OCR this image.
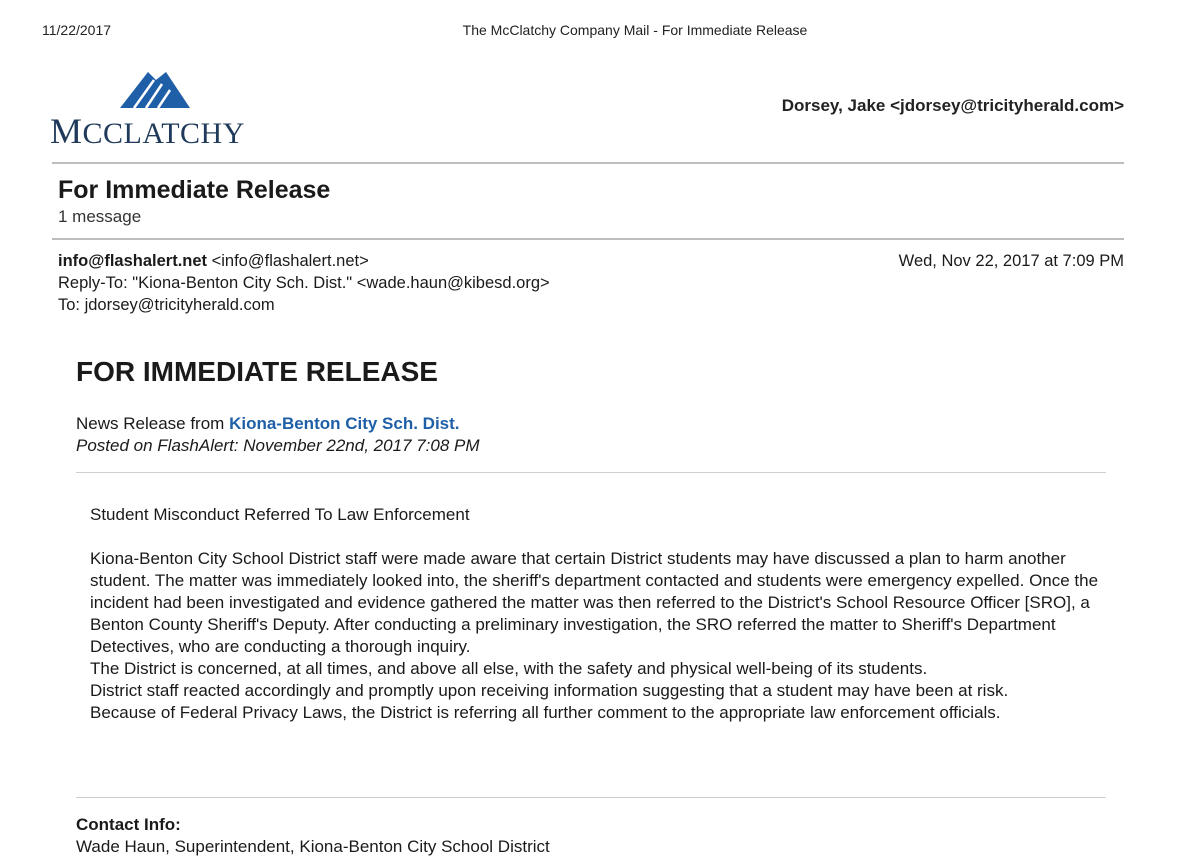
11/22/2017	The McClatchy Company Mail - For Immediate Release
MCCLATCHY
Dorsey, Jake <jdorsey@tricityherald.com>
For Immediate Release
1 message
info@flashalert.net <info@flashalert.net>	Wed, Nov 22, 2017 at 7:09 PM
Reply-To: "Kiona-Benton City Sch. Dist." <wade.haun@kibesd.org>
To: jdorsey@tricityherald.com
FOR IMMEDIATE RELEASE
News Release from Kiona-Benton City Sch. Dist.
Posted on FlashAlert: November 22nd, 2017 7:08 PM
Student Misconduct Referred To Law Enforcement

Kiona-Benton City School District staff were made aware that certain District students may have discussed a plan to harm another student. The matter was immediately looked into, the sheriff's department contacted and students were emergency expelled. Once the incident had been investigated and evidence gathered the matter was then referred to the District's School Resource Officer [SRO], a Benton County Sheriff's Deputy. After conducting a preliminary investigation, the SRO referred the matter to Sheriff's Department Detectives, who are conducting a thorough inquiry.

The District is concerned, at all times, and above all else, with the safety and physical well-being of its students.

District staff reacted accordingly and promptly upon receiving information suggesting that a student may have been at risk.

Because of Federal Privacy Laws, the District is referring all further comment to the appropriate law enforcement officials.

Contact Info:
Wade Haun, Superintendent, Kiona-Benton City School District
